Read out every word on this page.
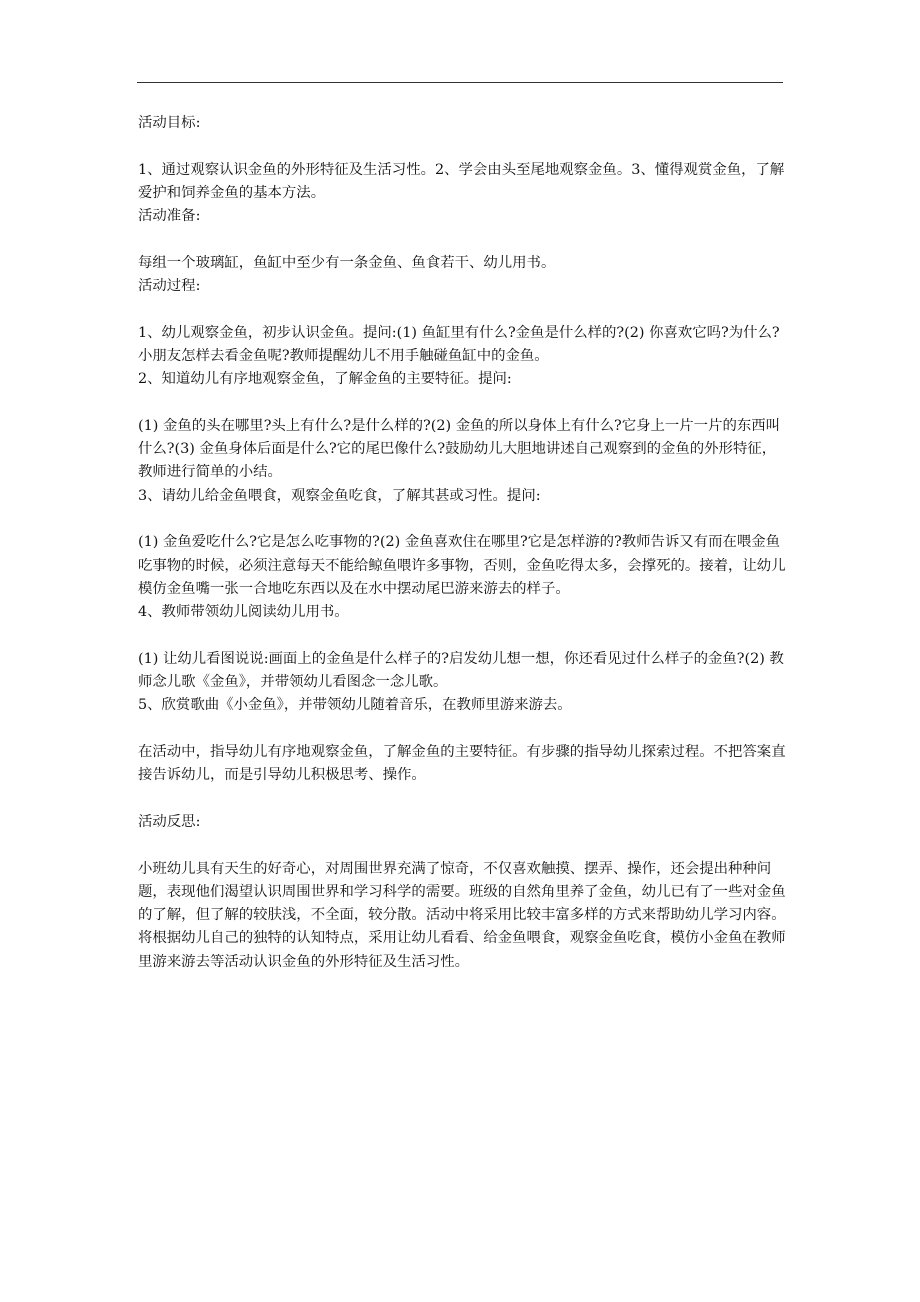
活动目标:

1、通过观察认识金鱼的外形特征及生活习性。2、学会由头至尾地观察金鱼。3、懂得观赏金鱼，了解爱护和饲养金鱼的基本方法。

活动准备:

每组一个玻璃缸，鱼缸中至少有一条金鱼、鱼食若干、幼儿用书。

活动过程:

1、幼儿观察金鱼，初步认识金鱼。提问:(1) 鱼缸里有什么?金鱼是什么样的?(2) 你喜欢它吗?为什么?小朋友怎样去看金鱼呢?教师提醒幼儿不用手触碰鱼缸中的金鱼。

2、知道幼儿有序地观察金鱼，了解金鱼的主要特征。提问:

(1) 金鱼的头在哪里?头上有什么?是什么样的?(2) 金鱼的所以身体上有什么?它身上一片一片的东西叫什么?(3) 金鱼身体后面是什么?它的尾巴像什么?鼓励幼儿大胆地讲述自己观察到的金鱼的外形特征，教师进行简单的小结。

3、请幼儿给金鱼喂食，观察金鱼吃食，了解其甚或习性。提问:

(1) 金鱼爱吃什么?它是怎么吃事物的?(2) 金鱼喜欢住在哪里?它是怎样游的?教师告诉又有而在喂金鱼吃事物的时候，必须注意每天不能给鲸鱼喂许多事物，否则，金鱼吃得太多，会撑死的。接着，让幼儿模仿金鱼嘴一张一合地吃东西以及在水中摆动尾巴游来游去的样子。

4、教师带领幼儿阅读幼儿用书。

(1) 让幼儿看图说说:画面上的金鱼是什么样子的?启发幼儿想一想，你还看见过什么样子的金鱼?(2) 教师念儿歌《金鱼》，并带领幼儿看图念一念儿歌。

5、欣赏歌曲《小金鱼》，并带领幼儿随着音乐，在教师里游来游去。

在活动中，指导幼儿有序地观察金鱼，了解金鱼的主要特征。有步骤的指导幼儿探索过程。不把答案直接告诉幼儿，而是引导幼儿积极思考、操作。

活动反思:

小班幼儿具有天生的好奇心，对周围世界充满了惊奇，不仅喜欢触摸、摆弄、操作，还会提出种种问题，表现他们渴望认识周围世界和学习科学的需要。班级的自然角里养了金鱼，幼儿已有了一些对金鱼的了解，但了解的较肤浅，不全面，较分散。活动中将采用比较丰富多样的方式来帮助幼儿学习内容。将根据幼儿自己的独特的认知特点，采用让幼儿看看、给金鱼喂食，观察金鱼吃食，模仿小金鱼在教师里游来游去等活动认识金鱼的外形特征及生活习性。
